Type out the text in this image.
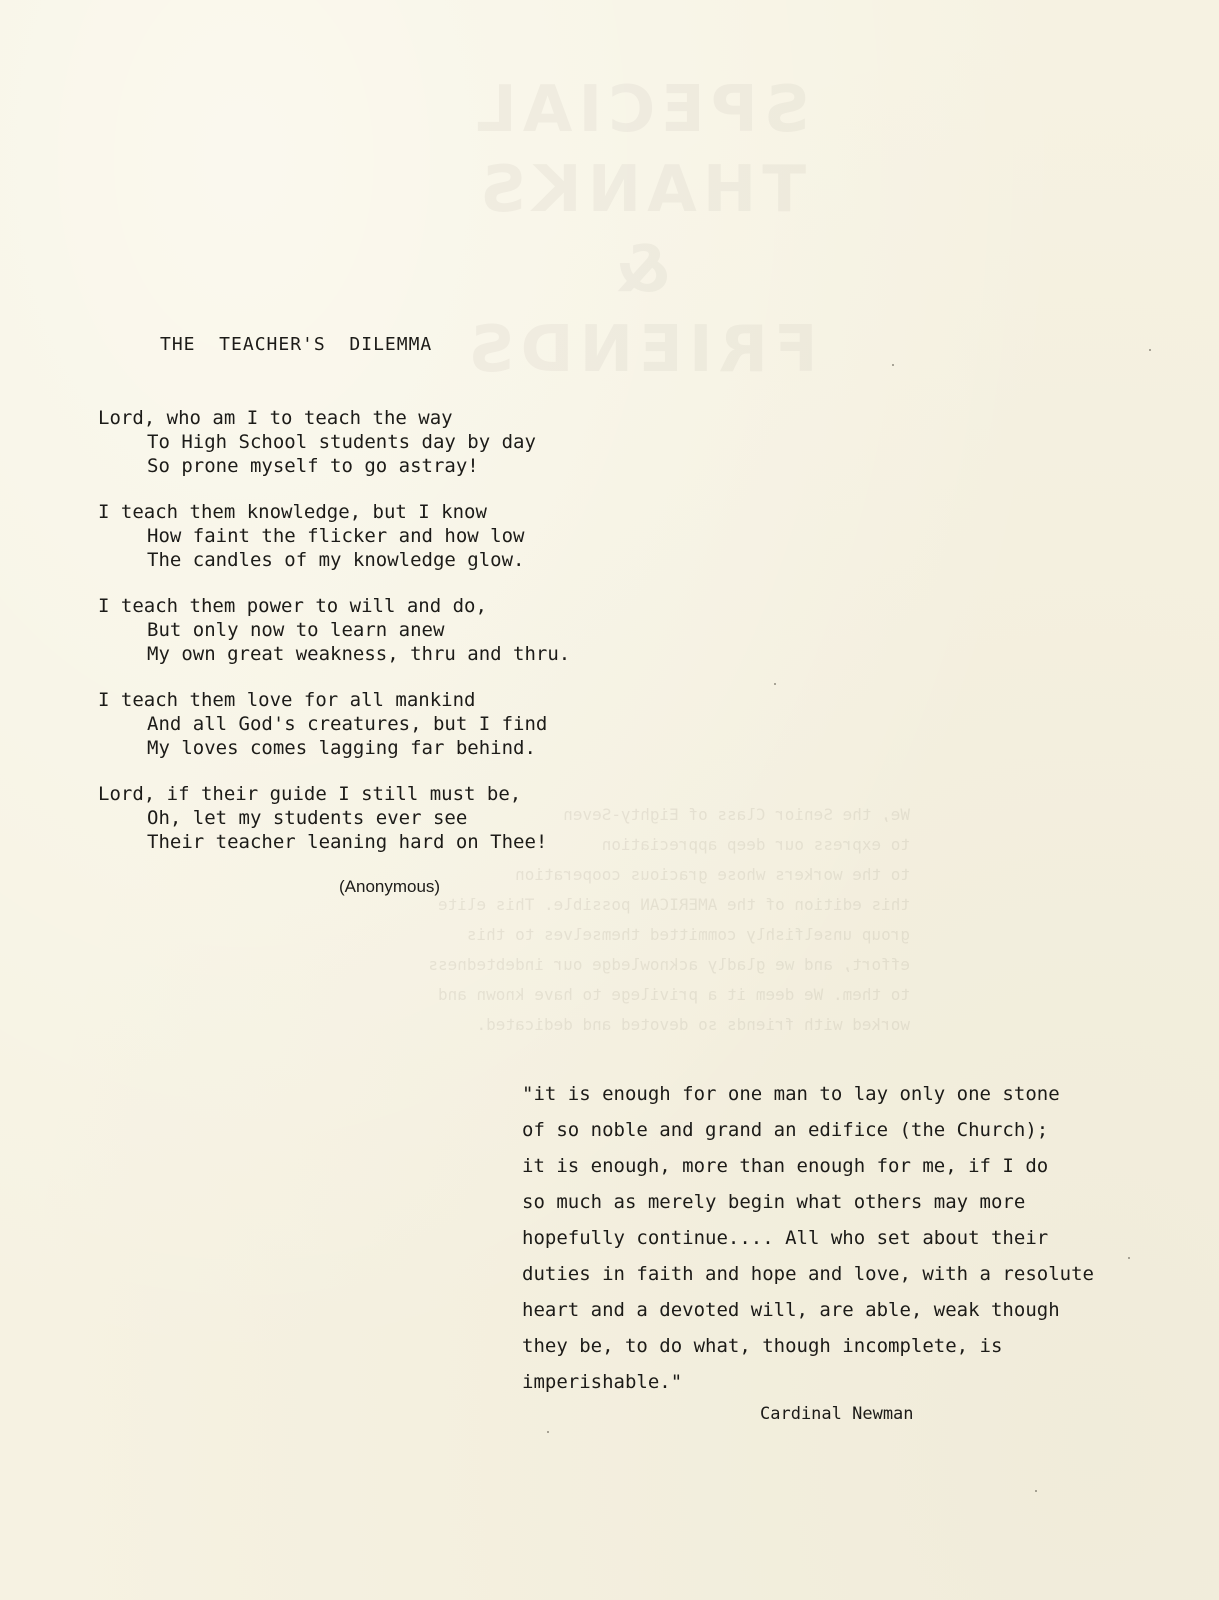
SPECIAL THANKS
&
FRIENDS
We, the Senior Class of Eighty-Seven
to express our deep appreciation
to the workers whose gracious cooperation
this edition of the AMERICAN possible. This elite
group unselfishly committed themselves to this
effort, and we gladly acknowledge our indebtedness
to them. We deem it a privilege to have known and
worked with friends so devoted and dedicated.
THE  TEACHER'S  DILEMMA
Lord, who am I to teach the way
To High School students day by day
So prone myself to go astray!
I teach them knowledge, but I know
How faint the flicker and how low
The candles of my knowledge glow.
I teach them power to will and do,
But only now to learn anew
My own great weakness, thru and thru.
I teach them love for all mankind
And all God's creatures, but I find
My loves comes lagging far behind.
Lord, if their guide I still must be,
Oh, let my students ever see
Their teacher leaning hard on Thee!
(Anonymous)
"it is enough for one man to lay only one stone
of so noble and grand an edifice (the Church);
it is enough, more than enough for me, if I do
so much as merely begin what others may more
hopefully continue.... All who set about their
duties in faith and hope and love, with a resolute
heart and a devoted will, are able, weak though
they be, to do what, though incomplete, is
imperishable."
Cardinal Newman
